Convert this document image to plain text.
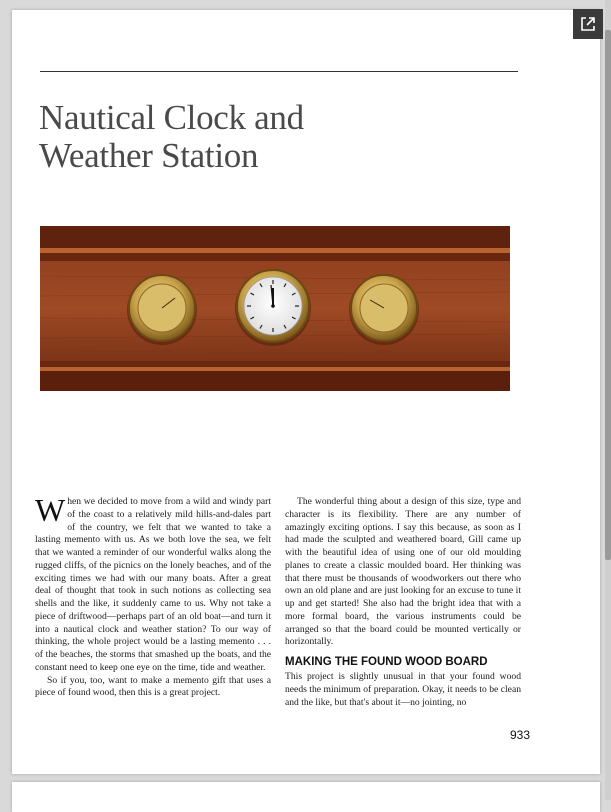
Nautical Clock and
Weather Station

When we decided to move from a wild and windy part of the coast to a relatively mild hills-and-dales part of the country, we felt that we wanted to take a lasting memento with us. As we both love the sea, we felt that we wanted a reminder of our wonderful walks along the rugged cliffs, of the picnics on the lonely beaches, and of the exciting times we had with our many boats. After a great deal of thought that took in such notions as collecting sea shells and the like, it suddenly came to us. Why not take a piece of driftwood—perhaps part of an old boat—and turn it into a nautical clock and weather station? To our way of thinking, the whole project would be a lasting memento . . . of the beaches, the storms that smashed up the boats, and the constant need to keep one eye on the time, tide and weather.

So if you, too, want to make a memento gift that uses a piece of found wood, then this is a great project.

The wonderful thing about a design of this size, type and character is its flexibility. There are any number of amazingly exciting options. I say this because, as soon as I had made the sculpted and weathered board, Gill came up with the beautiful idea of using one of our old moulding planes to create a classic moulded board. Her thinking was that there must be thousands of woodworkers out there who own an old plane and are just looking for an excuse to tune it up and get started! She also had the bright idea that with a more formal board, the various instruments could be arranged so that the board could be mounted vertically or horizontally.

MAKING THE FOUND WOOD BOARD

This project is slightly unusual in that your found wood needs the minimum of preparation. Okay, it needs to be clean and the like, but that's about it—no jointing, no

933
